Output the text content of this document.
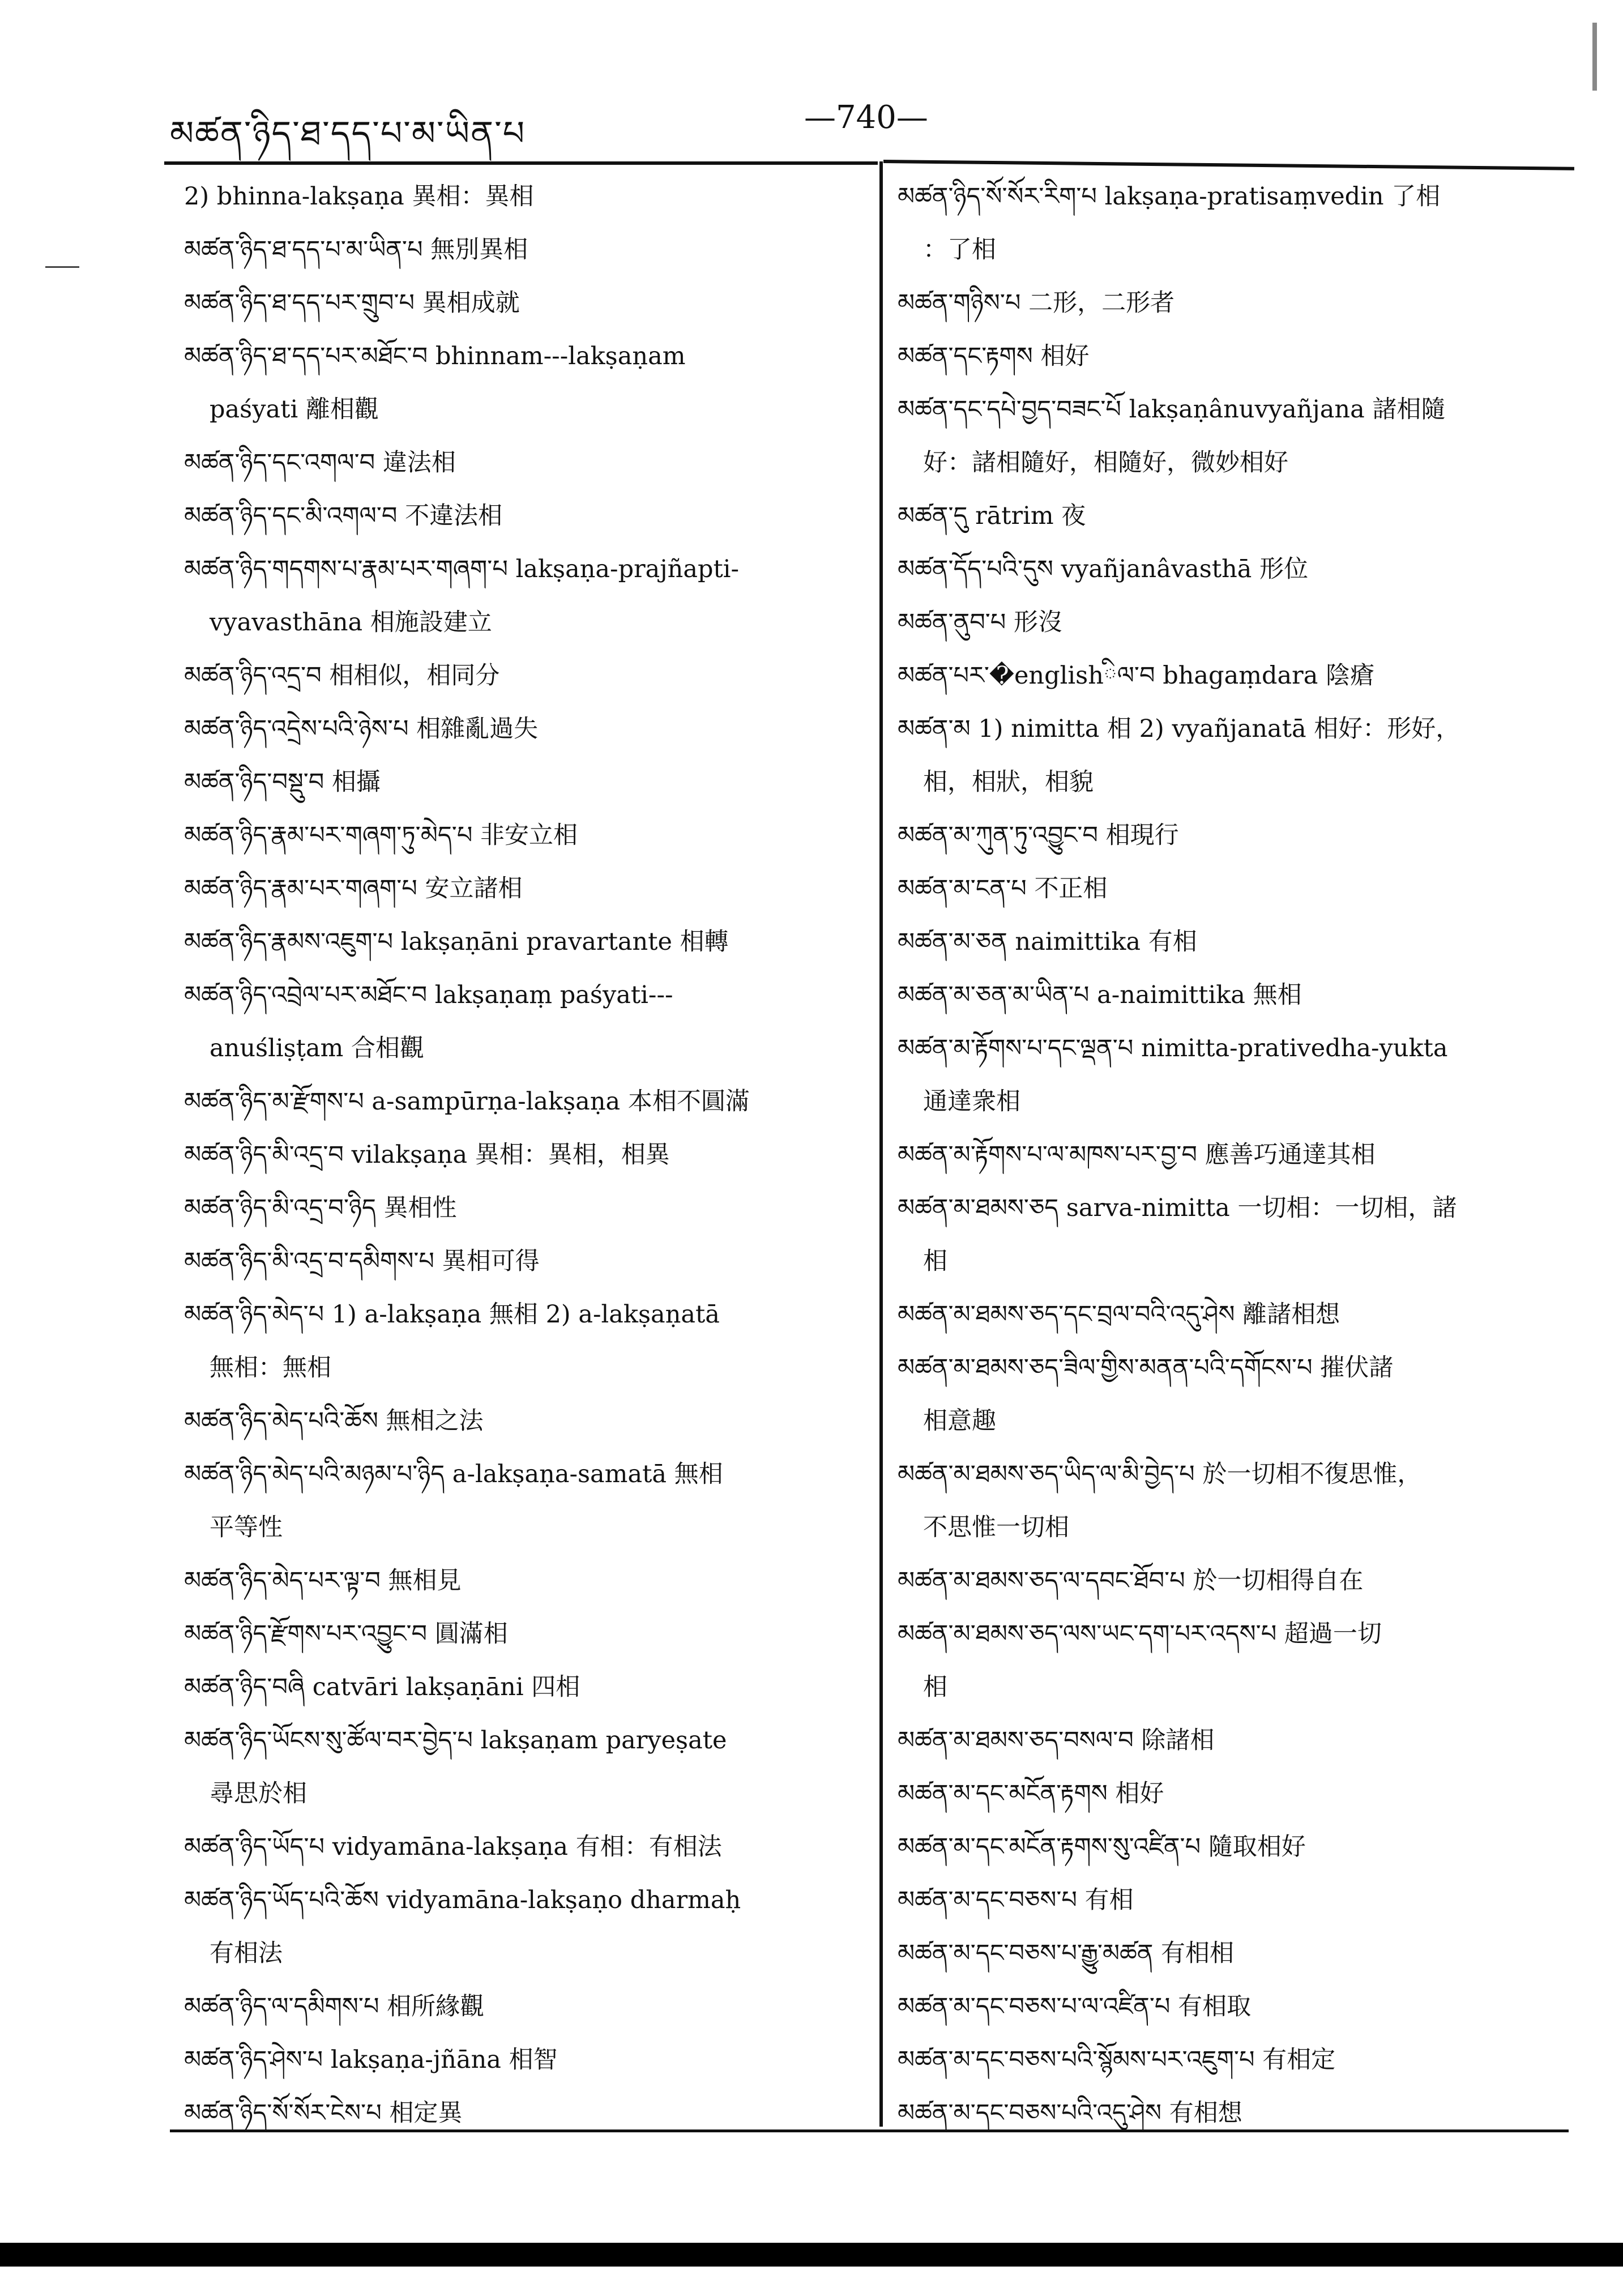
མཚན་ཉིད་ཐ་དད་པ་མ་ཡིན་པ	—740—
2) bhinna-lakṣaṇa 異相：異相
མཚན་ཉིད་ཐ་དད་པ་མ་ཡིན་པ 無別異相
མཚན་ཉིད་ཐ་དད་པར་གྲུབ་པ 異相成就
མཚན་ཉིད་ཐ་དད་པར་མཐོང་བ bhinnam---lakṣaṇam
paśyati 離相觀
མཚན་ཉིད་དང་འགལ་བ 違法相
མཚན་ཉིད་དང་མི་འགལ་བ 不違法相
མཚན་ཉིད་གདགས་པ་རྣམ་པར་གཞག་པ lakṣaṇa-prajñapti-
vyavasthāna 相施設建立
མཚན་ཉིད་འདྲ་བ 相相似，相同分
མཚན་ཉིད་འདྲེས་པའི་ཉེས་པ 相雜亂過失
མཚན་ཉིད་བསྡུ་བ 相攝
མཚན་ཉིད་རྣམ་པར་གཞག་ཏུ་མེད་པ 非安立相
མཚན་ཉིད་རྣམ་པར་གཞག་པ 安立諸相
མཚན་ཉིད་རྣམས་འཇུག་པ lakṣaṇāni pravartante 相轉
མཚན་ཉིད་འབྲེལ་པར་མཐོང་བ lakṣaṇaṃ paśyati---
anuśliṣṭam 合相觀
མཚན་ཉིད་མ་རྫོགས་པ a-sampūrṇa-lakṣaṇa 本相不圓滿
མཚན་ཉིད་མི་འདྲ་བ vilakṣaṇa 異相：異相，相異
མཚན་ཉིད་མི་འདྲ་བ་ཉིད 異相性
མཚན་ཉིད་མི་འདྲ་བ་དམིགས་པ 異相可得
མཚན་ཉིད་མེད་པ 1) a-lakṣaṇa 無相 2) a-lakṣaṇatā
無相：無相
མཚན་ཉིད་མེད་པའི་ཆོས 無相之法
མཚན་ཉིད་མེད་པའི་མཉམ་པ་ཉིད a-lakṣaṇa-samatā 無相
平等性
མཚན་ཉིད་མེད་པར་ལྟ་བ 無相見
མཚན་ཉིད་རྫོགས་པར་འབྱུང་བ 圓滿相
མཚན་ཉིད་བཞི catvāri lakṣaṇāni 四相
མཚན་ཉིད་ཡོངས་སུ་ཚོལ་བར་བྱེད་པ lakṣaṇam paryeṣate
尋思於相
མཚན་ཉིད་ཡོད་པ vidyamāna-lakṣaṇa 有相：有相法
མཚན་ཉིད་ཡོད་པའི་ཆོས vidyamāna-lakṣaṇo dharmaḥ
有相法
མཚན་ཉིད་ལ་དམིགས་པ 相所緣觀
མཚན་ཉིད་ཤེས་པ lakṣaṇa-jñāna 相智
མཚན་ཉིད་སོ་སོར་ངེས་པ 相定異
མཚན་ཉིད་སོ་སོར་རིག་པ lakṣaṇa-pratisaṃvedin 了相
：了相
མཚན་གཉིས་པ 二形，二形者
མཚན་དང་རྟགས 相好
མཚན་དང་དཔེ་བྱད་བཟང་པོ lakṣaṇânuvyañjana 諸相隨
好：諸相隨好，相隨好，微妙相好
མཚན་དུ rātrim 夜
མཚན་དོད་པའི་དུས vyañjanâvasthā 形位
མཚན་ནུབ་པ 形沒
མཚན་པར་�englishིལ་བ bhagaṃdara 陰瘡
མཚན་མ 1) nimitta 相 2) vyañjanatā 相好：形好，
相，相狀，相貌
མཚན་མ་ཀུན་ཏུ་འབྱུང་བ 相現行
མཚན་མ་ངན་པ 不正相
མཚན་མ་ཅན naimittika 有相
མཚན་མ་ཅན་མ་ཡིན་པ a-naimittika 無相
མཚན་མ་རྟོགས་པ་དང་ལྡན་པ nimitta-prativedha-yukta
通達衆相
མཚན་མ་རྟོགས་པ་ལ་མཁས་པར་བྱ་བ 應善巧通達其相
མཚན་མ་ཐམས་ཅད sarva-nimitta 一切相：一切相，諸
相
མཚན་མ་ཐམས་ཅད་དང་བྲལ་བའི་འདུ་ཤེས 離諸相想
མཚན་མ་ཐམས་ཅད་ཟིལ་གྱིས་མནན་པའི་དགོངས་པ 摧伏諸
相意趣
མཚན་མ་ཐམས་ཅད་ཡིད་ལ་མི་བྱེད་པ 於一切相不復思惟，
不思惟一切相
མཚན་མ་ཐམས་ཅད་ལ་དབང་ཐོབ་པ 於一切相得自在
མཚན་མ་ཐམས་ཅད་ལས་ཡང་དག་པར་འདས་པ 超過一切
相
མཚན་མ་ཐམས་ཅད་བསལ་བ 除諸相
མཚན་མ་དང་མངོན་རྟགས 相好
མཚན་མ་དང་མངོན་རྟགས་སུ་འཛིན་པ 隨取相好
མཚན་མ་དང་བཅས་པ 有相
མཚན་མ་དང་བཅས་པ་རྒྱུ་མཚན 有相相
མཚན་མ་དང་བཅས་པ་ལ་འཛིན་པ 有相取
མཚན་མ་དང་བཅས་པའི་སྙོམས་པར་འཇུག་པ 有相定
མཚན་མ་དང་བཅས་པའི་འདུ་ཤེས 有相想
